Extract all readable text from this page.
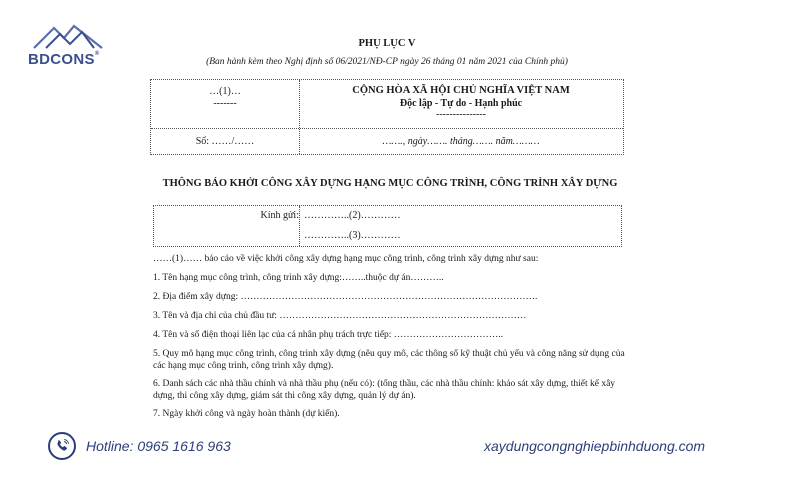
BDCONS®
PHỤ LỤC V
(Ban hành kèm theo Nghị định số 06/2021/NĐ-CP ngày 26 tháng 01 năm 2021 của Chính phủ)
…(1)…
-------
CỘNG HÒA XÃ HỘI CHỦ NGHĨA VIỆT NAM
Độc lập - Tự do - Hạnh phúc
---------------
Số: ……/……	……., ngày……. tháng……. năm………
THÔNG BÁO KHỞI CÔNG XÂY DỰNG HẠNG MỤC CÔNG TRÌNH, CÔNG TRÌNH XÂY DỰNG
Kính gửi: …………..(2)…………
…………..(3)…………
……(1)…… báo cáo về việc khởi công xây dựng hạng mục công trình, công trình xây dựng như sau:
1. Tên hạng mục công trình, công trình xây dựng:……..thuộc dự án………..
2. Địa điểm xây dựng: ………………………………………………………………………………….
3. Tên và địa chỉ của chủ đầu tư: ……………………………………………………………………
4. Tên và số điện thoại liên lạc của cá nhân phụ trách trực tiếp: ……………………………..
5. Quy mô hạng mục công trình, công trình xây dựng (nêu quy mô, các thông số kỹ thuật chủ yếu và công năng sử dụng của các hạng mục công trình, công trình xây dựng).
6. Danh sách các nhà thầu chính và nhà thầu phụ (nếu có): (tổng thầu, các nhà thầu chính: khảo sát xây dựng, thiết kế xây dựng, thi công xây dựng, giám sát thi công xây dựng, quản lý dự án).
7. Ngày khởi công và ngày hoàn thành (dự kiến).
Hotline: 0965 1616 963	xaydungcongnghiepbinhduong.com
